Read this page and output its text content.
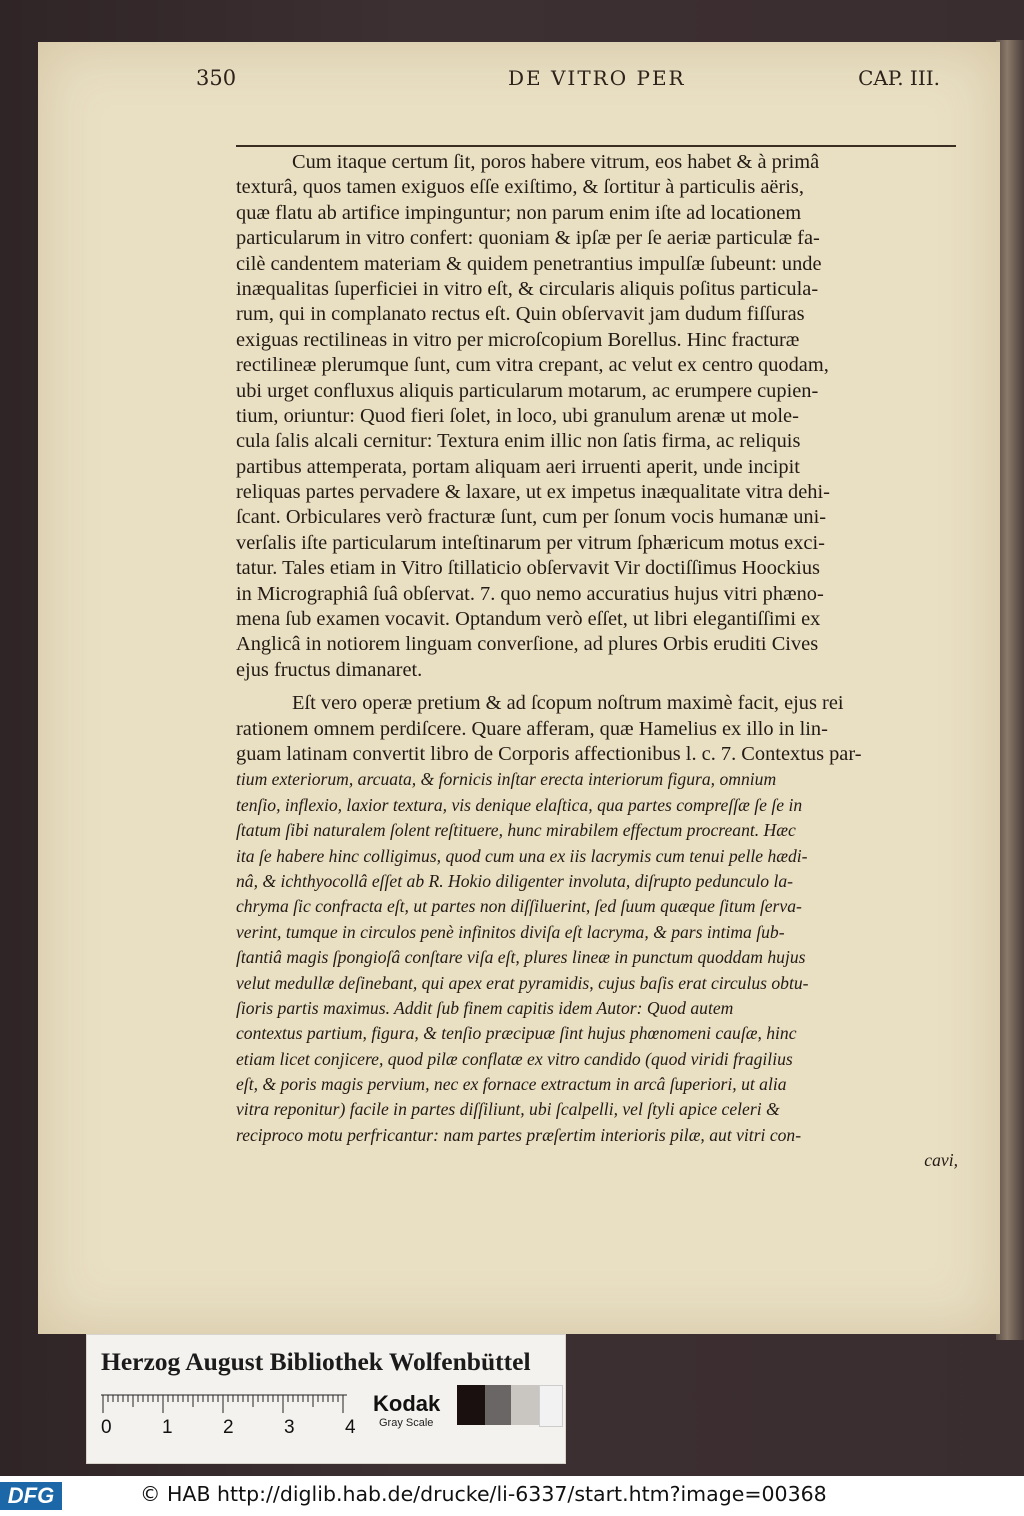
350	DE VITRO PER	CAP. III.
Cum itaque certum ſit, poros habere vitrum, eos habet & à primâ
texturâ, quos tamen exiguos eſſe exiſtimo, & ſortitur à particulis aëris,
quæ flatu ab artifice impinguntur; non parum enim iſte ad locationem
particularum in vitro confert: quoniam & ipſæ per ſe aeriæ particulæ fa-
cilè candentem materiam & quidem penetrantius impulſæ ſubeunt: unde
inæqualitas ſuperficiei in vitro eſt, & circularis aliquis poſitus particula-
rum, qui in complanato rectus eſt. Quin obſervavit jam dudum fiſſuras
exiguas rectilineas in vitro per microſcopium Borellus. Hinc fracturæ
rectilineæ plerumque ſunt, cum vitra crepant, ac velut ex centro quodam,
ubi urget confluxus aliquis particularum motarum, ac erumpere cupien-
tium, oriuntur: Quod fieri ſolet, in loco, ubi granulum arenæ ut mole-
cula ſalis alcali cernitur: Textura enim illic non ſatis firma, ac reliquis
partibus attemperata, portam aliquam aeri irruenti aperit, unde incipit
reliquas partes pervadere & laxare, ut ex impetus inæqualitate vitra dehi-
ſcant. Orbiculares verò fracturæ ſunt, cum per ſonum vocis humanæ uni-
verſalis iſte particularum inteſtinarum per vitrum ſphæricum motus exci-
tatur. Tales etiam in Vitro ſtillaticio obſervavit Vir doctiſſimus Hoockius
in Micrographiâ ſuâ obſervat. 7. quo nemo accuratius hujus vitri phæno-
mena ſub examen vocavit. Optandum verò eſſet, ut libri elegantiſſimi ex
Anglicâ in notiorem linguam converſione, ad plures Orbis eruditi Cives
ejus fructus dimanaret.
Eſt vero operæ pretium & ad ſcopum noſtrum maximè facit, ejus rei
rationem omnem perdiſcere. Quare afferam, quæ Hamelius ex illo in lin-
guam latinam convertit libro de Corporis affectionibus l. c. 7. Contextus par-
tium exteriorum, arcuata, & fornicis inſtar erecta interiorum figura, omnium
tenſio, inflexio, laxior textura, vis denique elaſtica, qua partes compreſſæ ſe ſe in
ſtatum ſibi naturalem ſolent reſtituere, hunc mirabilem effectum procreant. Hæc
ita ſe habere hinc colligimus, quod cum una ex iis lacrymis cum tenui pelle hædi-
nâ, & ichthyocollâ eſſet ab R. Hokio diligenter involuta, diſrupto pedunculo la-
chryma ſic confracta eſt, ut partes non diſſiluerint, ſed ſuum quæque ſitum ſerva-
verint, tumque in circulos penè infinitos diviſa eſt lacryma, & pars intima ſub-
ſtantiâ magis ſpongioſâ conſtare viſa eſt, plures lineæ in punctum quoddam hujus
velut medullæ deſinebant, qui apex erat pyramidis, cujus baſis erat circulus obtu-
ſioris partis maximus. Addit ſub finem capitis idem Autor: Quod autem
contextus partium, figura, & tenſio præcipuæ ſint hujus phœnomeni cauſæ, hinc
etiam licet conjicere, quod pilæ conflatæ ex vitro candido (quod viridi fragilius
eſt, & poris magis pervium, nec ex fornace extractum in arcâ ſuperiori, ut alia
vitra reponitur) facile in partes diſſiliunt, ubi ſcalpelli, vel ſtyli apice celeri &
reciproco motu perfricantur: nam partes præſertim interioris pilæ, aut vitri con-
cavi,
Herzog August Bibliothek Wolfenbüttel
0	1	2	3	4
Kodak
Gray Scale
DFG	© HAB http://diglib.hab.de/drucke/li-6337/start.htm?image=00368
